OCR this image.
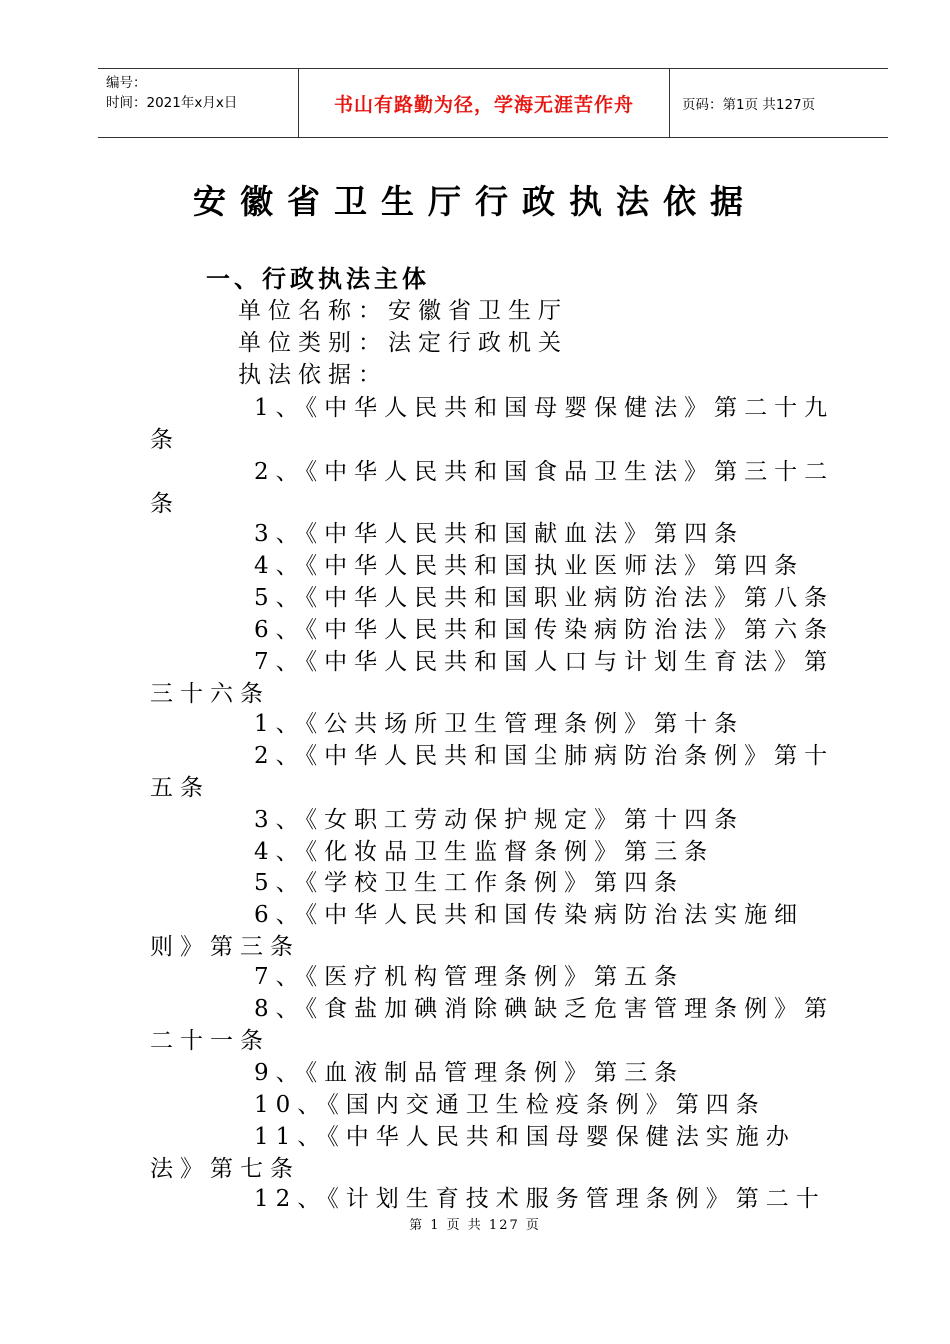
编号：
时间：2021年x月x日	书山有路勤为径，学海无涯苦作舟	页码：第1页 共127页
安徽省卫生厅行政执法依据
一、行政执法主体
单位名称：安徽省卫生厅
单位类别：法定行政机关
执法依据：
1、《中华人民共和国母婴保健法》第二十九
条
2、《中华人民共和国食品卫生法》第三十二
条
3、《中华人民共和国献血法》第四条
4、《中华人民共和国执业医师法》第四条
5、《中华人民共和国职业病防治法》第八条
6、《中华人民共和国传染病防治法》第六条
7、《中华人民共和国人口与计划生育法》第
三十六条
1、《公共场所卫生管理条例》第十条
2、《中华人民共和国尘肺病防治条例》第十
五条
3、《女职工劳动保护规定》第十四条
4、《化妆品卫生监督条例》第三条
5、《学校卫生工作条例》第四条
6、《中华人民共和国传染病防治法实施细
则》第三条
7、《医疗机构管理条例》第五条
8、《食盐加碘消除碘缺乏危害管理条例》第
二十一条
9、《血液制品管理条例》第三条
10、《国内交通卫生检疫条例》第四条
11、《中华人民共和国母婴保健法实施办
法》第七条
12、《计划生育技术服务管理条例》第二十
第 1 页 共 127 页
